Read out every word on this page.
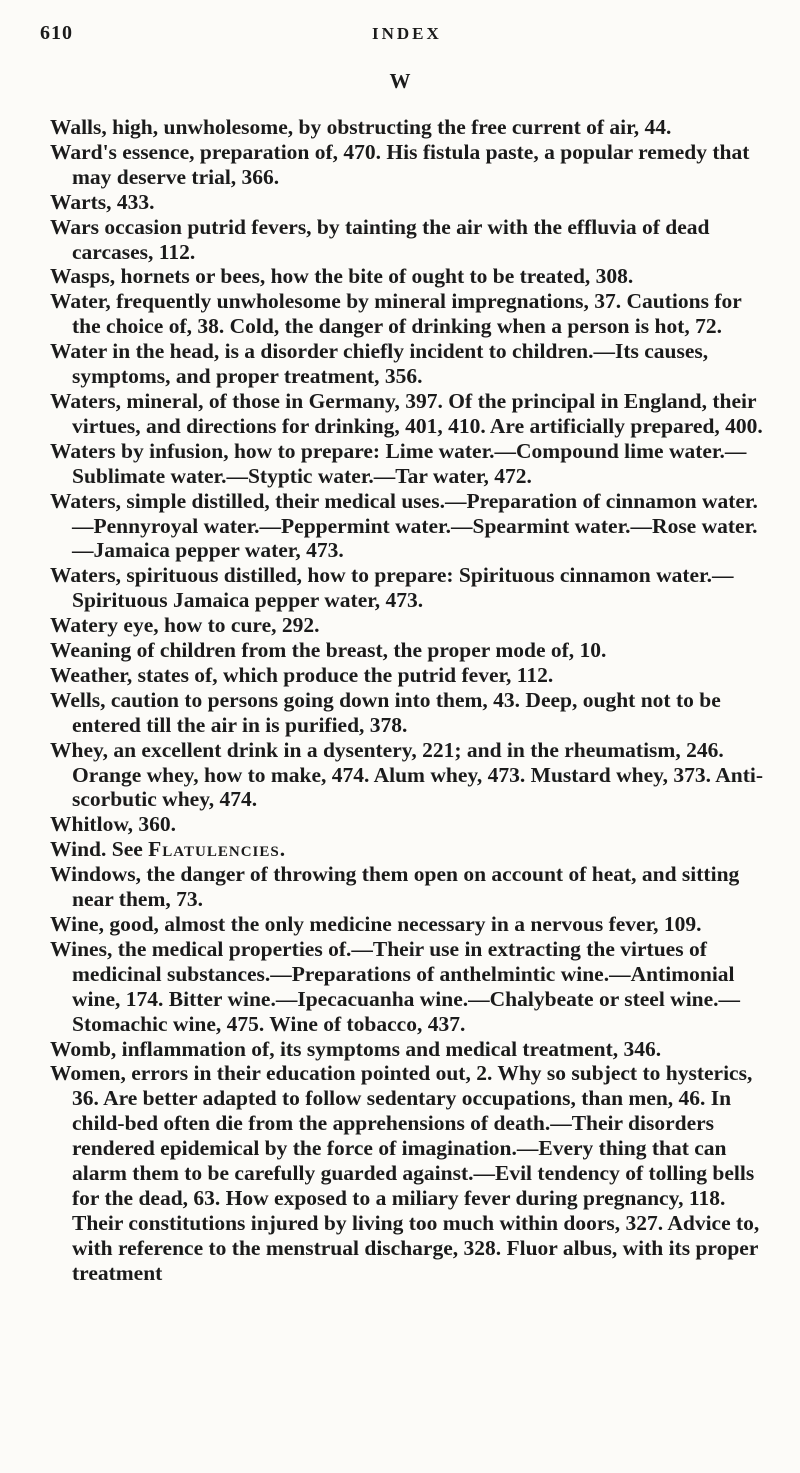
610	INDEX
W

Walls, high, unwholesome, by obstructing the free current of air, 44.

Ward's essence, preparation of, 470. His fistula paste, a popular remedy that may deserve trial, 366.

Warts, 433.

Wars occasion putrid fevers, by tainting the air with the effluvia of dead carcases, 112.

Wasps, hornets or bees, how the bite of ought to be treated, 308.

Water, frequently unwholesome by mineral impregnations, 37. Cautions for the choice of, 38. Cold, the danger of drinking when a person is hot, 72.

Water in the head, is a disorder chiefly incident to children.—Its causes, symptoms, and proper treatment, 356.

Waters, mineral, of those in Germany, 397. Of the principal in England, their virtues, and directions for drinking, 401, 410. Are artificially prepared, 400.

Waters by infusion, how to prepare: Lime water.—Compound lime water.—Sublimate water.—Styptic water.—Tar water, 472.

Waters, simple distilled, their medical uses.—Preparation of cinnamon water.—Pennyroyal water.—Peppermint water.—Spearmint water.—Rose water.—Jamaica pepper water, 473.

Waters, spirituous distilled, how to prepare: Spirituous cinnamon water.—Spirituous Jamaica pepper water, 473.

Watery eye, how to cure, 292.

Weaning of children from the breast, the proper mode of, 10.

Weather, states of, which produce the putrid fever, 112.

Wells, caution to persons going down into them, 43. Deep, ought not to be entered till the air in is purified, 378.

Whey, an excellent drink in a dysentery, 221; and in the rheumatism, 246. Orange whey, how to make, 474. Alum whey, 473. Mustard whey, 373. Anti-scorbutic whey, 474.

Whitlow, 360.

Wind. See Flatulencies.

Windows, the danger of throwing them open on account of heat, and sitting near them, 73.

Wine, good, almost the only medicine necessary in a nervous fever, 109.

Wines, the medical properties of.—Their use in extracting the virtues of medicinal substances.—Preparations of anthelmintic wine.—Antimonial wine, 174. Bitter wine.—Ipecacuanha wine.—Chalybeate or steel wine.—Stomachic wine, 475. Wine of tobacco, 437.

Womb, inflammation of, its symptoms and medical treatment, 346.

Women, errors in their education pointed out, 2. Why so subject to hysterics, 36. Are better adapted to follow sedentary occupations, than men, 46. In child-bed often die from the apprehensions of death.—Their disorders rendered epidemical by the force of imagination.—Every thing that can alarm them to be carefully guarded against.—Evil tendency of tolling bells for the dead, 63. How exposed to a miliary fever during pregnancy, 118. Their constitutions injured by living too much within doors, 327. Advice to, with reference to the menstrual discharge, 328. Fluor albus, with its proper treatment
